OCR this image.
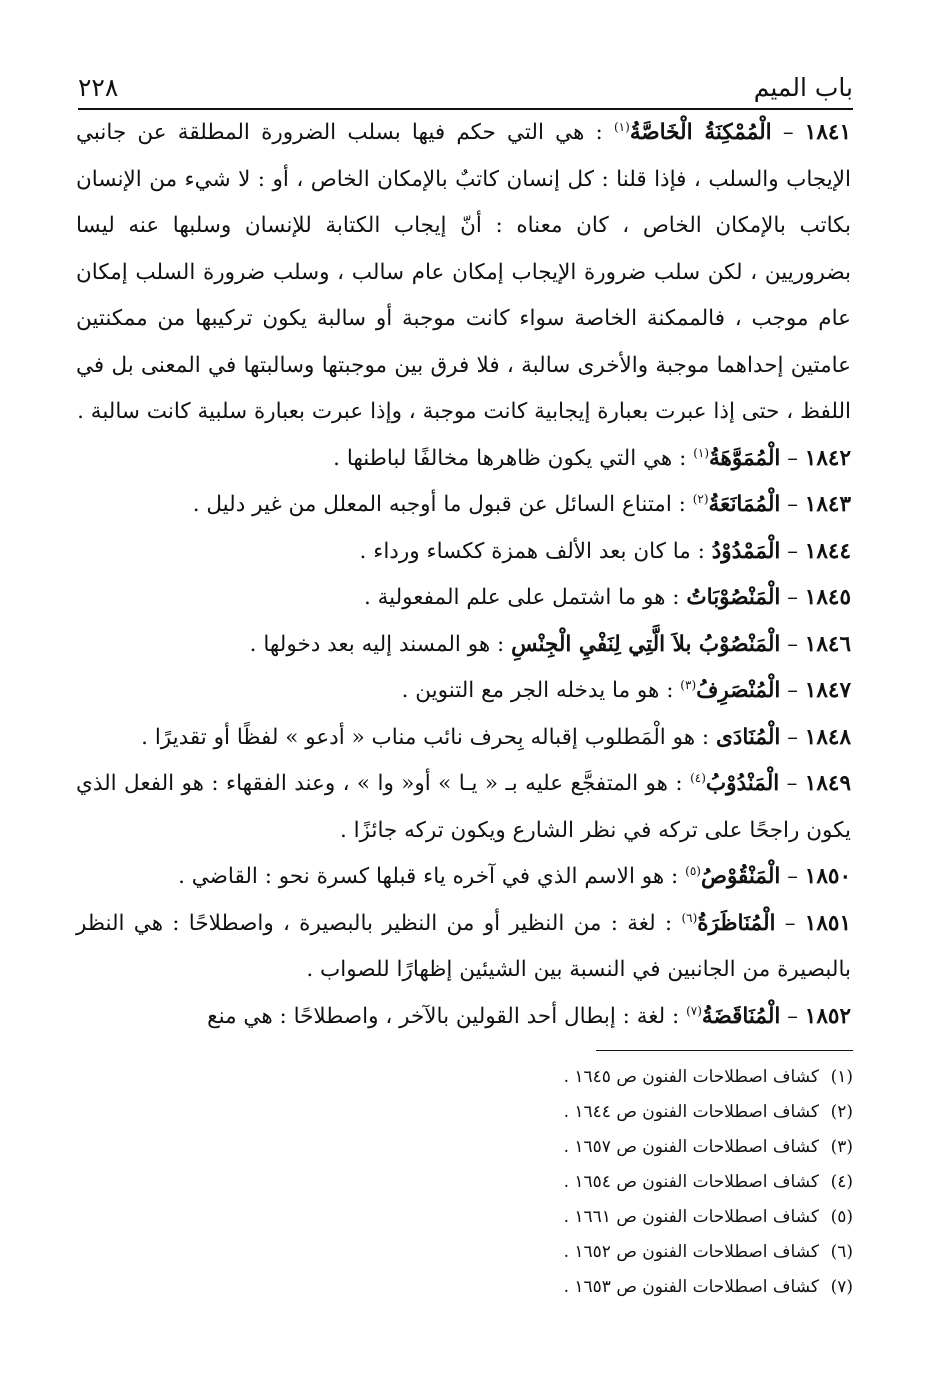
باب الميم
٢٢٨

١٨٤١ – الْمُمْكِنَةُ الْخَاصَّةُ$^{(١)}$ : هي التي حكم فيها بسلب الضرورة المطلقة عن جانبي الإيجاب والسلب ، فإذا قلنا : كل إنسان كاتبٌ بالإمكان الخاص ، أو : لا شيء من الإنسان بكاتب بالإمكان الخاص ، كان معناه : أنّ إيجاب الكتابة للإنسان وسلبها عنه ليسا بضروريين ، لكن سلب ضرورة الإيجاب إمكان عام سالب ، وسلب ضرورة السلب إمكان عام موجب ، فالممكنة الخاصة سواء كانت موجبة أو سالبة يكون تركيبها من ممكنتين عامتين إحداهما موجبة والأخرى سالبة ، فلا فرق بين موجبتها وسالبتها في المعنى بل في اللفظ ، حتى إذا عبرت بعبارة إيجابية كانت موجبة ، وإذا عبرت بعبارة سلبية كانت سالبة .

١٨٤٢ – الْمُمَوَّهَةُ$^{(١)}$ : هي التي يكون ظاهرها مخالفًا لباطنها .

١٨٤٣ – الْمُمَانَعَةُ$^{(٢)}$ : امتناع السائل عن قبول ما أوجبه المعلل من غير دليل .

١٨٤٤ – الْمَمْدُوْدُ : ما كان بعد الألف همزة ككساء ورداء .

١٨٤٥ – الْمَنْصُوْبَاتُ : هو ما اشتمل على علم المفعولية .

١٨٤٦ – الْمَنْصُوْبُ بلاَ الَّتِي لِنَفْيِ الْجِنْسِ : هو المسند إليه بعد دخولها .

١٨٤٧ – الْمُنْصَرِفُ$^{(٣)}$ : هو ما يدخله الجر مع التنوين .

١٨٤٨ – الْمُنَادَى : هو الْمَطلوب إقباله بِحرف نائب مناب « أدعو » لفظًا أو تقديرًا .

١٨٤٩ – الْمَنْدُوْبُ$^{(٤)}$ : هو المتفجَّع عليه بـ « يـا » أو« وا » ، وعند الفقهاء : هو الفعل الذي يكون راجحًا على تركه في نظر الشارع ويكون تركه جائزًا .

١٨٥٠ – الْمَنْقُوْصُ$^{(٥)}$ : هو الاسم الذي في آخره ياء قبلها كسرة نحو : القاضي .

١٨٥١ – الْمُنَاظَرَةُ$^{(٦)}$ : لغة : من النظير أو من النظير بالبصيرة ، واصطلاحًا : هي النظر بالبصيرة من الجانبين في النسبة بين الشيئين إظهارًا للصواب .

١٨٥٢ – الْمُنَاقَضَةُ$^{(٧)}$ : لغة : إبطال أحد القولين بالآخر ، واصطلاحًا : هي منع

(١)كشاف اصطلاحات الفنون ص ١٦٤٥ .

(٢)كشاف اصطلاحات الفنون ص ١٦٤٤ .

(٣)كشاف اصطلاحات الفنون ص ١٦٥٧ .

(٤)كشاف اصطلاحات الفنون ص ١٦٥٤ .

(٥)كشاف اصطلاحات الفنون ص ١٦٦١ .

(٦)كشاف اصطلاحات الفنون ص ١٦٥٢ .

(٧)كشاف اصطلاحات الفنون ص ١٦٥٣ .
